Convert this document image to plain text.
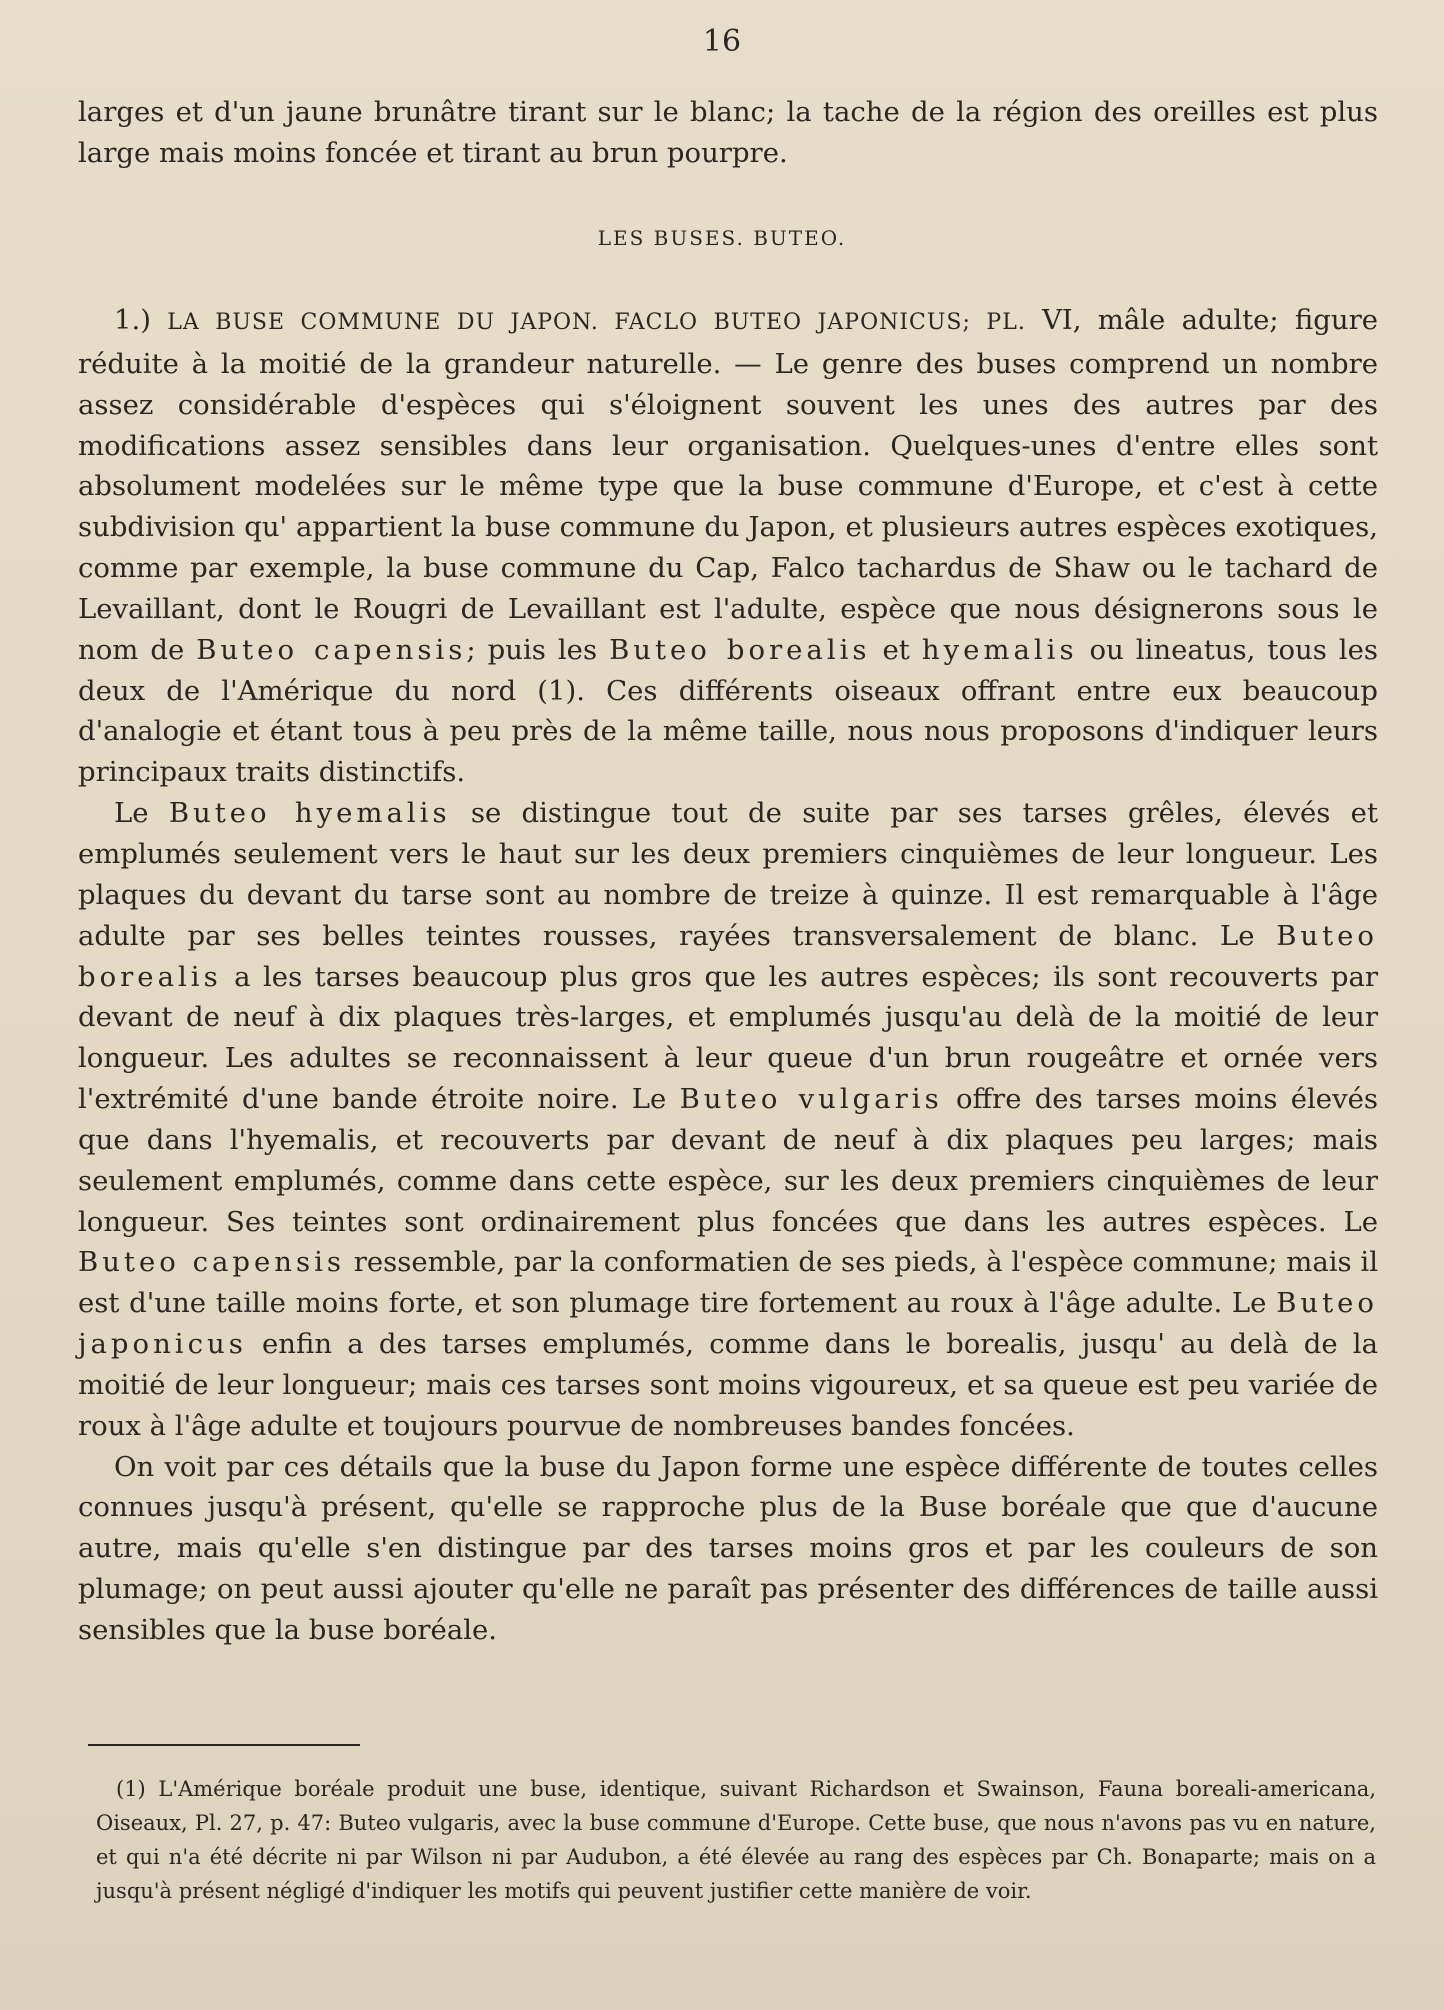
16

larges et d'un jaune brunâtre tirant sur le blanc; la tache de la région des oreilles est plus large mais moins foncée et tirant au brun pourpre.

LES BUSES. BUTEO.

1.) LA BUSE COMMUNE DU JAPON. FACLO BUTEO JAPONICUS; PL. VI, mâle adulte; figure réduite à la moitié de la grandeur naturelle. — Le genre des buses comprend un nombre assez considérable d'espèces qui s'éloignent souvent les unes des autres par des modifications assez sensibles dans leur organisation. Quelques-unes d'entre elles sont absolument modelées sur le même type que la buse commune d'Europe, et c'est à cette subdivision qu' appartient la buse commune du Japon, et plusieurs autres espèces exotiques, comme par exemple, la buse commune du Cap, Falco tachardus de Shaw ou le tachard de Levaillant, dont le Rougri de Levaillant est l'adulte, espèce que nous désignerons sous le nom de Buteo capensis; puis les Buteo borealis et hyemalis ou lineatus, tous les deux de l'Amérique du nord (1). Ces différents oiseaux offrant entre eux beaucoup d'analogie et étant tous à peu près de la même taille, nous nous proposons d'indiquer leurs principaux traits distinctifs.

Le Buteo hyemalis se distingue tout de suite par ses tarses grêles, élevés et emplumés seulement vers le haut sur les deux premiers cinquièmes de leur longueur. Les plaques du devant du tarse sont au nombre de treize à quinze. Il est remarquable à l'âge adulte par ses belles teintes rousses, rayées transversalement de blanc. Le Buteo borealis a les tarses beaucoup plus gros que les autres espèces; ils sont recouverts par devant de neuf à dix plaques très-larges, et emplumés jusqu'au delà de la moitié de leur longueur. Les adultes se reconnaissent à leur queue d'un brun rougeâtre et ornée vers l'extrémité d'une bande étroite noire. Le Buteo vulgaris offre des tarses moins élevés que dans l'hyemalis, et recouverts par devant de neuf à dix plaques peu larges; mais seulement emplumés, comme dans cette espèce, sur les deux premiers cinquièmes de leur longueur. Ses teintes sont ordinairement plus foncées que dans les autres espèces. Le Buteo capensis ressemble, par la conformatien de ses pieds, à l'espèce commune; mais il est d'une taille moins forte, et son plumage tire fortement au roux à l'âge adulte. Le Buteo japonicus enfin a des tarses emplumés, comme dans le borealis, jusqu' au delà de la moitié de leur longueur; mais ces tarses sont moins vigoureux, et sa queue est peu variée de roux à l'âge adulte et toujours pourvue de nombreuses bandes foncées.

On voit par ces détails que la buse du Japon forme une espèce différente de toutes celles connues jusqu'à présent, qu'elle se rapproche plus de la Buse boréale que que d'aucune autre, mais qu'elle s'en distingue par des tarses moins gros et par les couleurs de son plumage; on peut aussi ajouter qu'elle ne paraît pas présenter des différences de taille aussi sensibles que la buse boréale.

(1) L'Amérique boréale produit une buse, identique, suivant Richardson et Swainson, Fauna boreali-americana, Oiseaux, Pl. 27, p. 47: Buteo vulgaris, avec la buse commune d'Europe. Cette buse, que nous n'avons pas vu en nature, et qui n'a été décrite ni par Wilson ni par Audubon, a été élevée au rang des espèces par Ch. Bonaparte; mais on a jusqu'à présent négligé d'indiquer les motifs qui peuvent justifier cette manière de voir.
